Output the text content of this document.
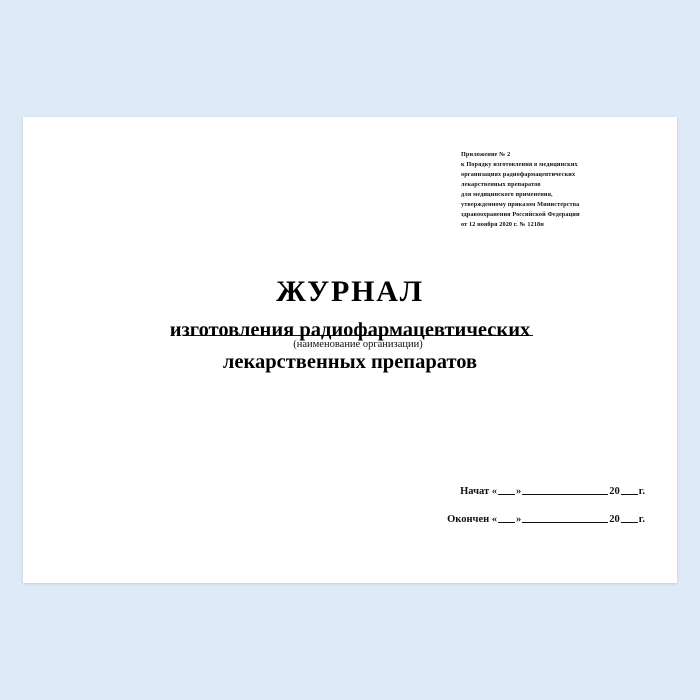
Приложение № 2
к Порядку изготовления в медицинских
организациях радиофармацевтических
лекарственных препаратов
для медицинского применения,
утвержденному приказом Министерства
здравоохранения Российской Федерации
от 12 ноября 2020 г. № 1218н
(наименование организации)
ЖУРНАЛ
изготовления радиофармацевтических
лекарственных препаратов
Начат « »	20 г.
Окончен « »	20 г.
